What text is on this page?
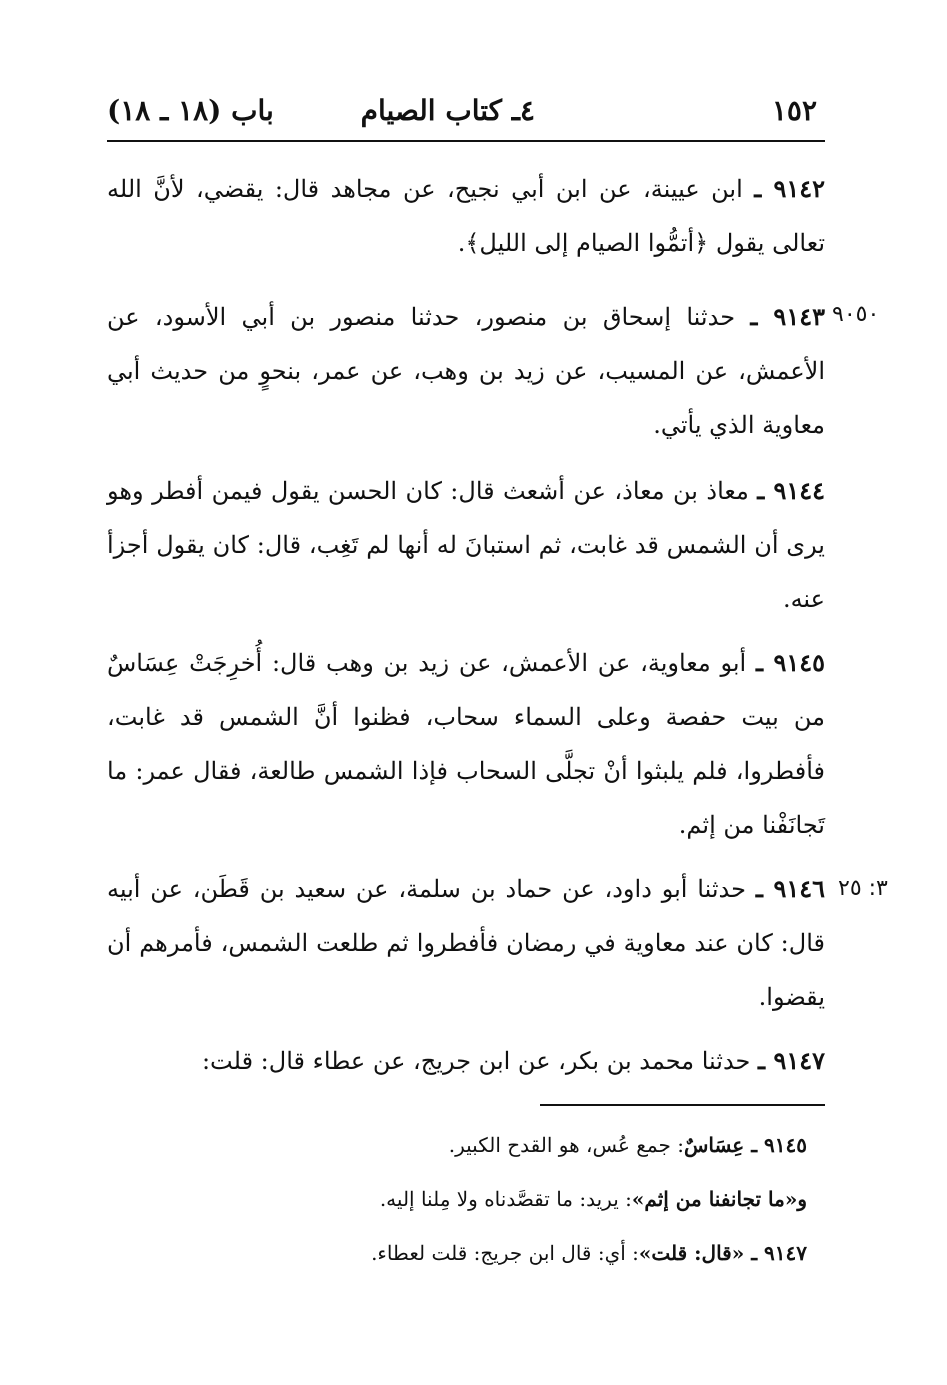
١٥٢
٤ـ كتاب الصيام
باب (١٨ ـ ١٨)
٩١٤٢ ـ ابن عيينة، عن ابن أبي نجيح، عن مجاهد قال: يقضي، لأنَّ الله تعالى يقول ﴿أتمُّوا الصيام إلى الليل﴾.
٩٠٥٠
٩١٤٣ ـ حدثنا إسحاق بن منصور، حدثنا منصور بن أبي الأسود، عن الأعمش، عن المسيب، عن زيد بن وهب، عن عمر، بنحوٍ من حديث أبي معاوية الذي يأتي.
٩١٤٤ ـ معاذ بن معاذ، عن أشعث قال: كان الحسن يقول فيمن أفطر وهو يرى أن الشمس قد غابت، ثم استبانَ له أنها لم تَغِب، قال: كان يقول أجزأ عنه.
٩١٤٥ ـ أبو معاوية، عن الأعمش، عن زيد بن وهب قال: أُخرِجَتْ عِسَاسٌ من بيت حفصة وعلى السماء سحاب، فظنوا أنَّ الشمس قد غابت، فأفطروا، فلم يلبثوا أنْ تجلَّى السحاب فإذا الشمس طالعة، فقال عمر: ما تَجانَفْنا من إثم.
٣: ٢٥
٩١٤٦ ـ حدثنا أبو داود، عن حماد بن سلمة، عن سعيد بن قَطَن، عن أبيه قال: كان عند معاوية في رمضان فأفطروا ثم طلعت الشمس، فأمرهم أن يقضوا.
٩١٤٧ ـ حدثنا محمد بن بكر، عن ابن جريج، عن عطاء قال: قلت:
٩١٤٥ ـ عِسَاسٌ: جمع عُس، هو القدح الكبير.
و«ما تجانفنا من إثم»: يريد: ما تقصَّدناه ولا مِلنا إليه.
٩١٤٧ ـ «قال: قلت»: أي: قال ابن جريج: قلت لعطاء.
